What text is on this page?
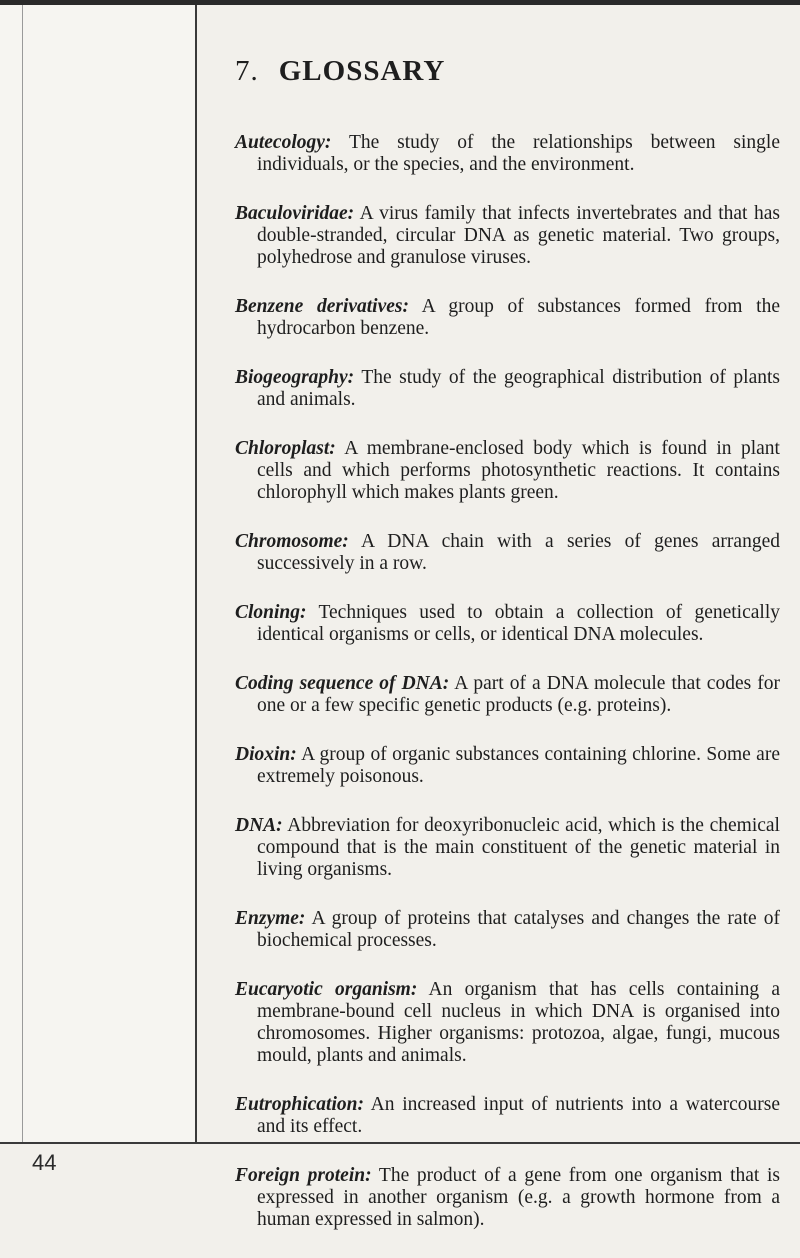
44
7. GLOSSARY

Autecology: The study of the relationships between single individuals, or the species, and the environment.

Baculoviridae: A virus family that infects invertebrates and that has double-stranded, circular DNA as genetic material. Two groups, polyhedrose and granulose viruses.

Benzene derivatives: A group of substances formed from the hydrocarbon benzene.

Biogeography: The study of the geographical distribution of plants and animals.

Chloroplast: A membrane-enclosed body which is found in plant cells and which performs photosynthetic reactions. It contains chlorophyll which makes plants green.

Chromosome: A DNA chain with a series of genes arranged successively in a row.

Cloning: Techniques used to obtain a collection of genetically identical organisms or cells, or identical DNA molecules.

Coding sequence of DNA: A part of a DNA molecule that codes for one or a few specific genetic products (e.g. proteins).

Dioxin: A group of organic substances containing chlorine. Some are extremely poisonous.

DNA: Abbreviation for deoxyribonucleic acid, which is the chemical compound that is the main constituent of the genetic material in living organisms.

Enzyme: A group of proteins that catalyses and changes the rate of biochemical processes.

Eucaryotic organism: An organism that has cells containing a membrane-bound cell nucleus in which DNA is organised into chromosomes. Higher organisms: protozoa, algae, fungi, mucous mould, plants and animals.

Eutrophication: An increased input of nutrients into a watercourse and its effect.

Foreign protein: The product of a gene from one organism that is expressed in another organism (e.g. a growth hormone from a human expressed in salmon).
